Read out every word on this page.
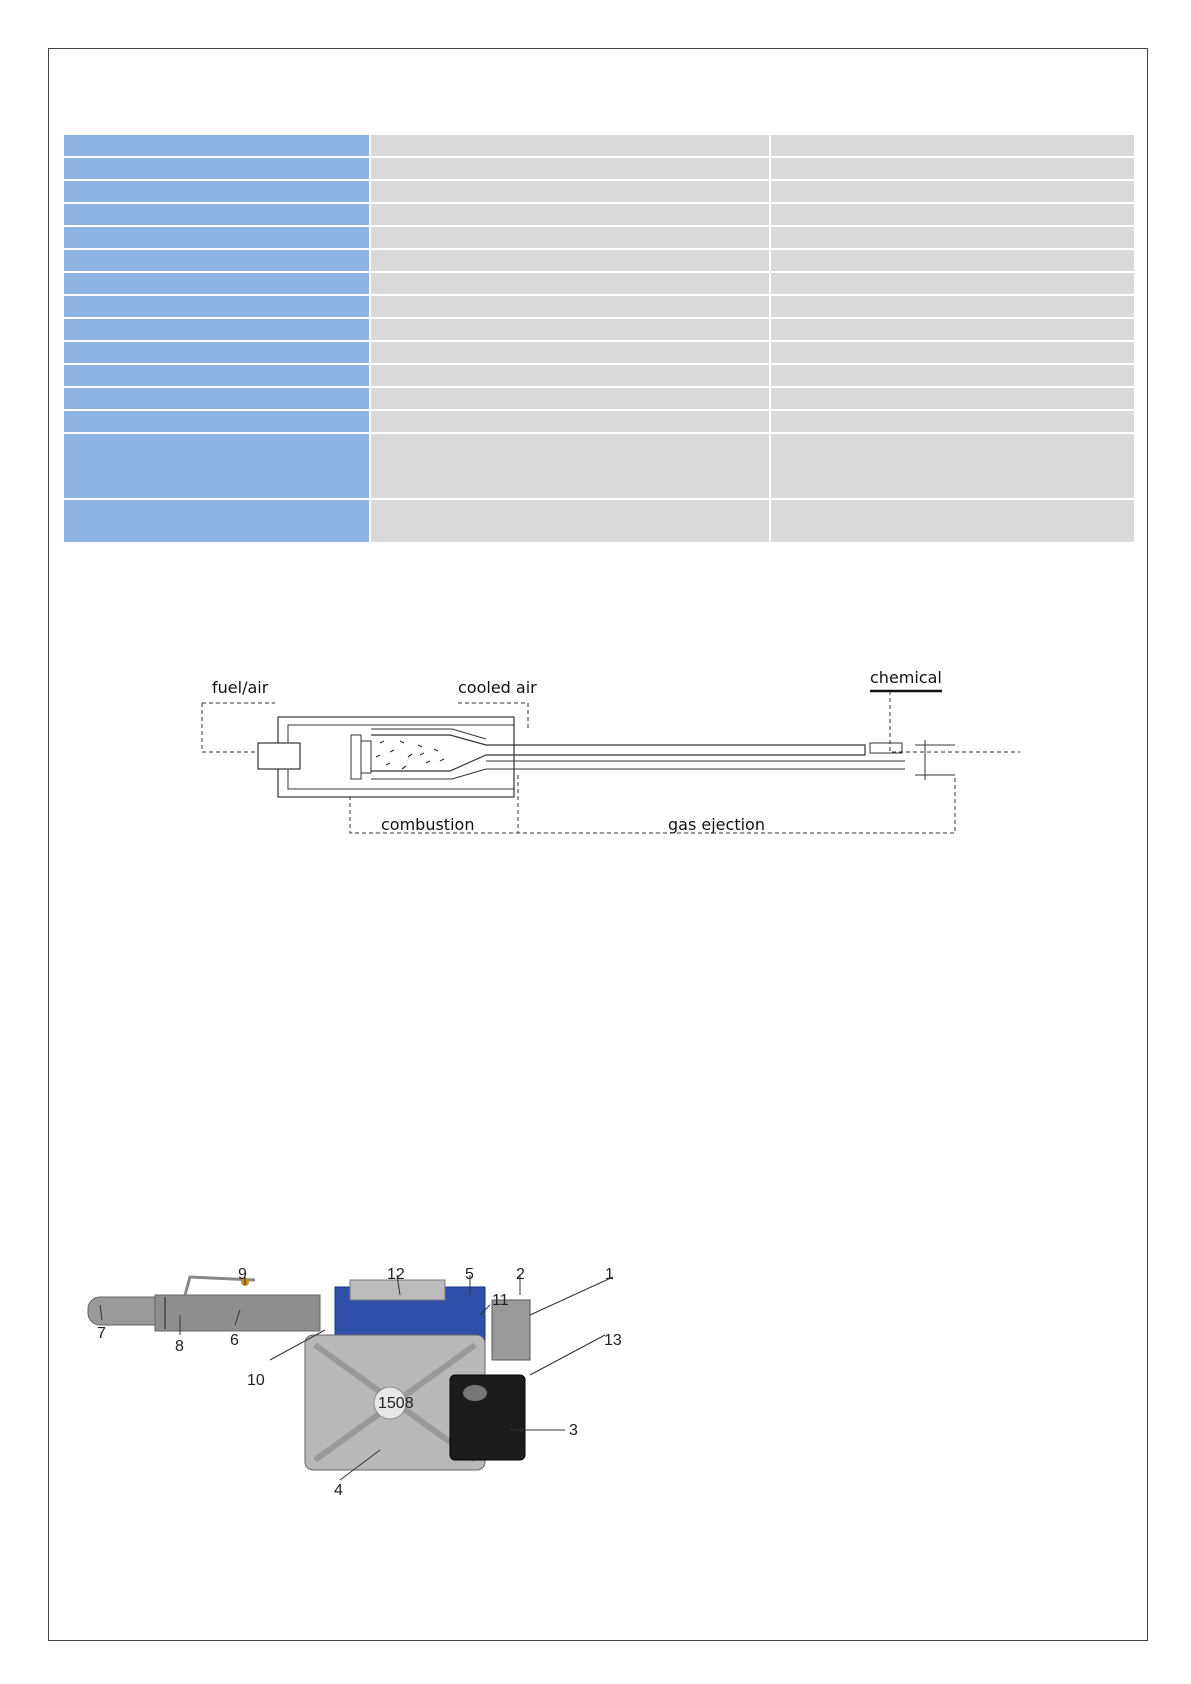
fuel/air	cooled air
chemical
combustion	gas ejection
1508
1
2
3
4
5
6
7
8
9
10
11
12
13
